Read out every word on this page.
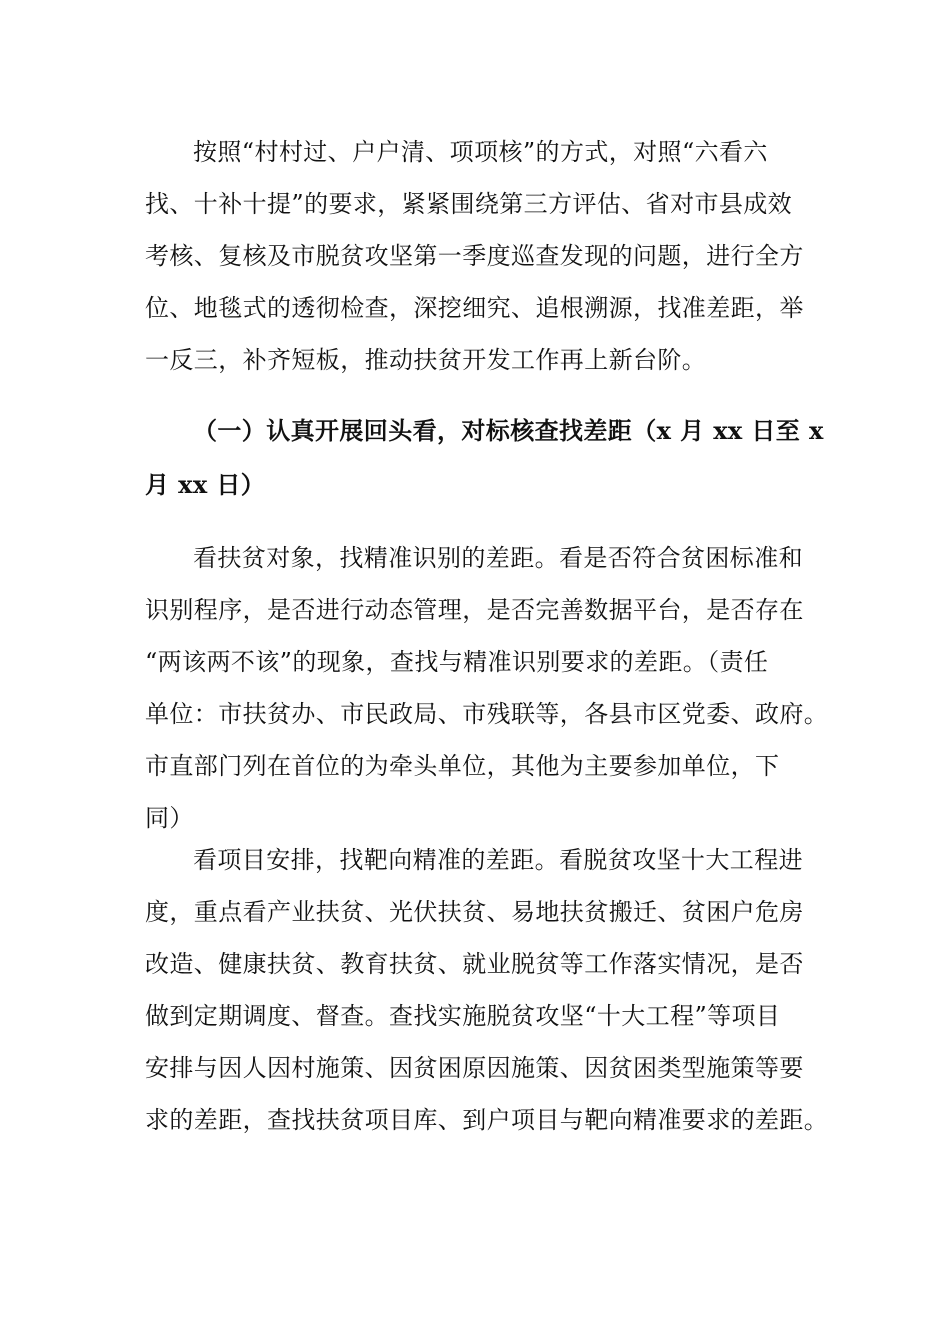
按照“村村过、户户清、项项核”的方式，对照“六看六
找、十补十提”的要求，紧紧围绕第三方评估、省对市县成效
考核、复核及市脱贫攻坚第一季度巡查发现的问题，进行全方
位、地毯式的透彻检查，深挖细究、追根溯源，找准差距，举
一反三，补齐短板，推动扶贫开发工作再上新台阶。
（一）认真开展回头看，对标核查找差距（x 月 xx 日至 x
月 xx 日）
看扶贫对象，找精准识别的差距。看是否符合贫困标准和
识别程序，是否进行动态管理，是否完善数据平台，是否存在
“两该两不该”的现象，查找与精准识别要求的差距。（责任
单位：市扶贫办、市民政局、市残联等，各县市区党委、政府。
市直部门列在首位的为牵头单位，其他为主要参加单位，下
同）
看项目安排，找靶向精准的差距。看脱贫攻坚十大工程进
度，重点看产业扶贫、光伏扶贫、易地扶贫搬迁、贫困户危房
改造、健康扶贫、教育扶贫、就业脱贫等工作落实情况，是否
做到定期调度、督查。查找实施脱贫攻坚“十大工程”等项目
安排与因人因村施策、因贫困原因施策、因贫困类型施策等要
求的差距，查找扶贫项目库、到户项目与靶向精准要求的差距。
